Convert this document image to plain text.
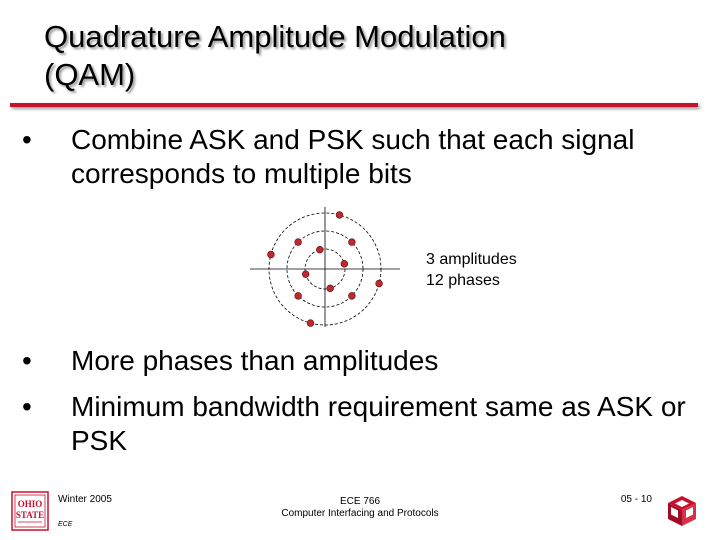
Quadrature Amplitude Modulation
(QAM)
•	Combine ASK and PSK such that each signal corresponds to multiple bits
3 amplitudes
12 phases
•	More phases than amplitudes
•	Minimum bandwidth requirement same as ASK or PSK
OHIO
STATE
Winter 2005
ECE
ECE 766
Computer Interfacing and Protocols
05 - 10
